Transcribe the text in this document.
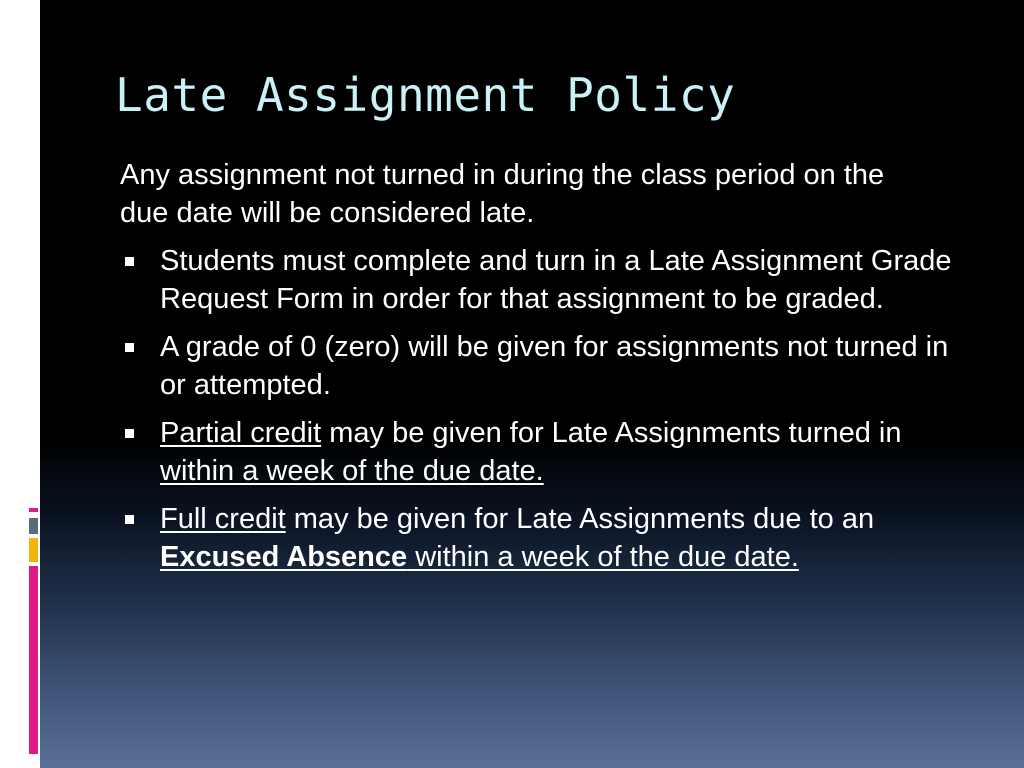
Late Assignment Policy

Any assignment not turned in during the class period on the due date will be considered late.

Students must complete and turn in a Late Assignment Grade Request Form in order for that assignment to be graded.
A grade of 0 (zero) will be given for assignments not turned in or attempted.
Partial credit may be given for Late Assignments turned in within a week of the due date.
Full credit may be given for Late Assignments due to an Excused Absence within a week of the due date.
